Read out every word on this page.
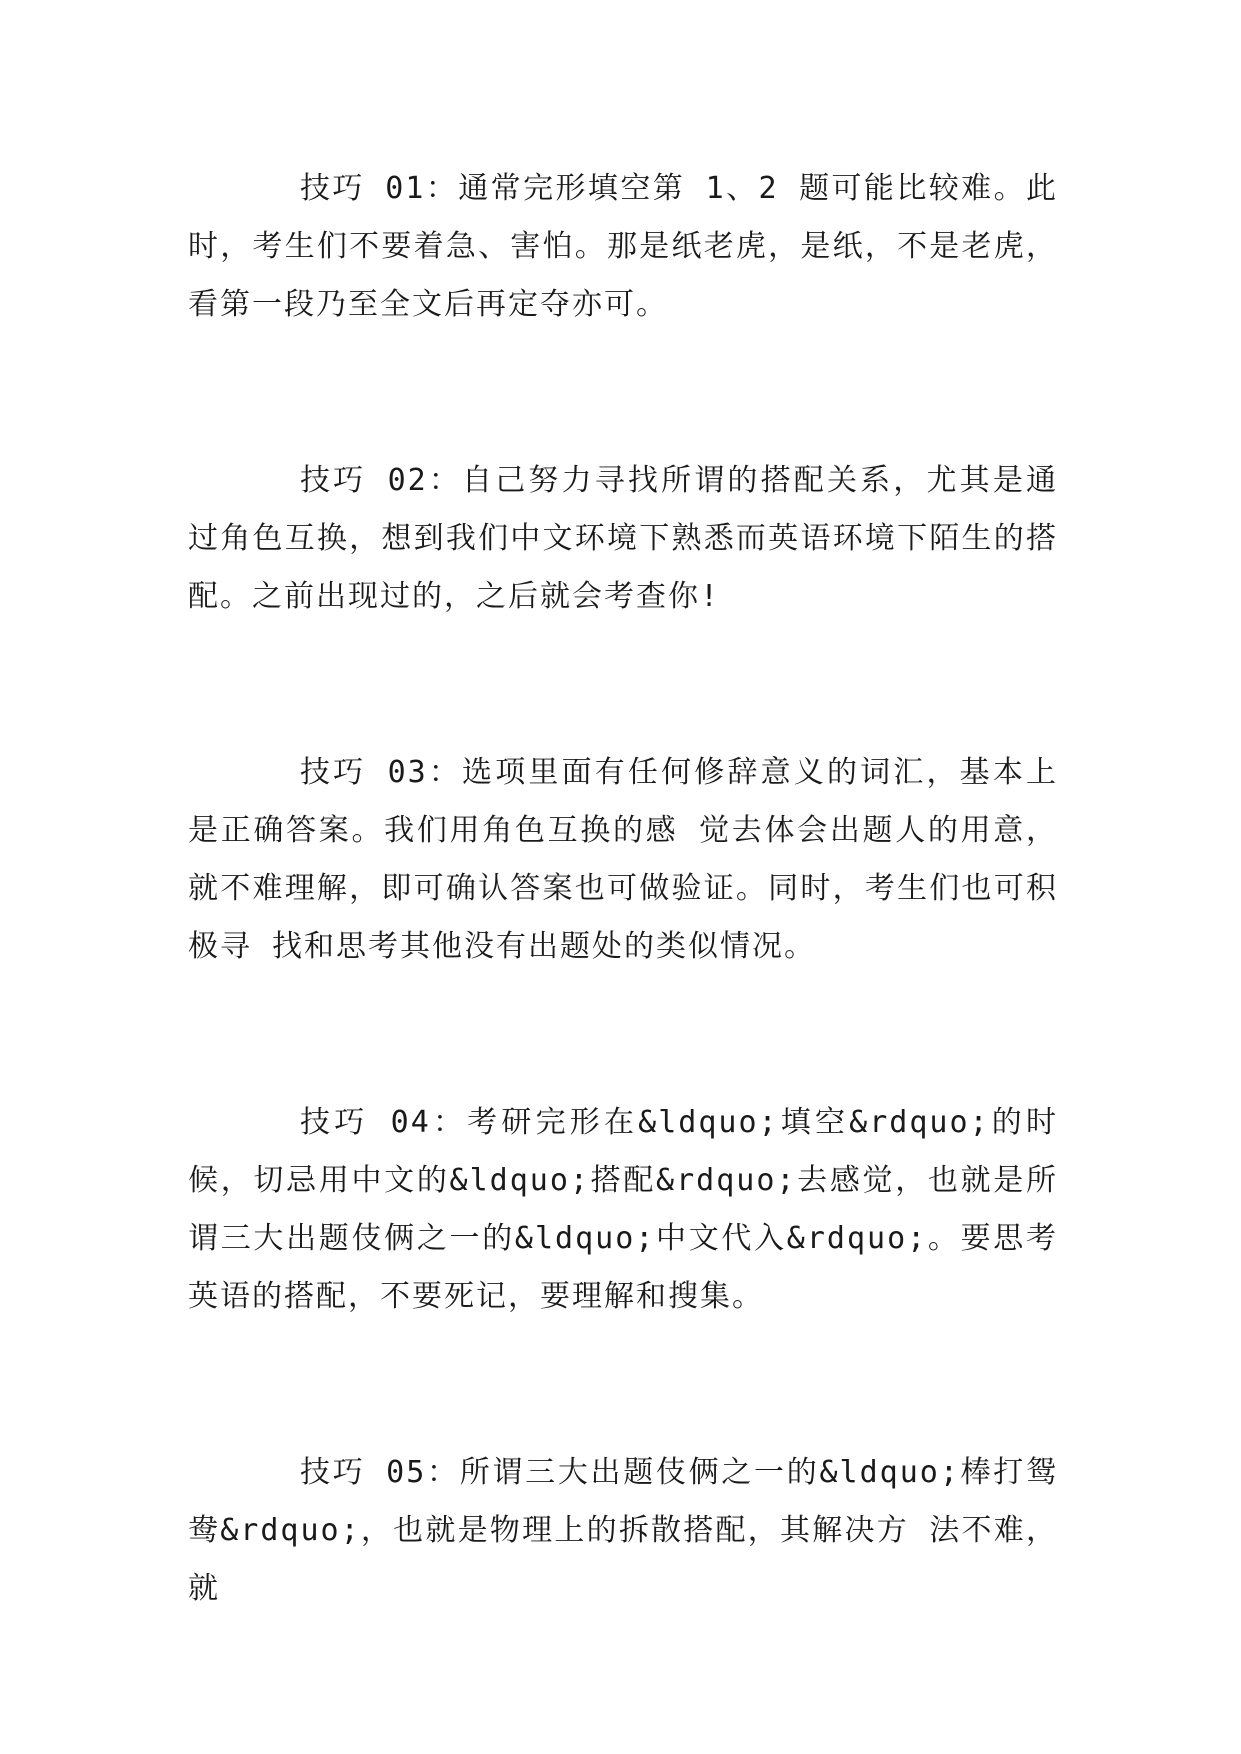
技巧 01：通常完形填空第 1、2 题可能比较难。此时，考生们不要着急、害怕。那是纸老虎，是纸，不是老虎，看第一段乃至全文后再定夺亦可。

技巧 02：自己努力寻找所谓的搭配关系，尤其是通过角色互换，想到我们中文环境下熟悉而英语环境下陌生的搭配。之前出现过的，之后就会考查你!

技巧 03：选项里面有任何修辞意义的词汇，基本上是正确答案。我们用角色互换的感 觉去体会出题人的用意，就不难理解，即可确认答案也可做验证。同时，考生们也可积极寻 找和思考其他没有出题处的类似情况。

技巧 04：考研完形在&ldquo;填空&rdquo;的时候，切忌用中文的&ldquo;搭配&rdquo;去感觉，也就是所谓三大出题伎俩之一的&ldquo;中文代入&rdquo;。要思考英语的搭配，不要死记，要理解和搜集。

技巧 05：所谓三大出题伎俩之一的&ldquo;棒打鸳鸯&rdquo;，也就是物理上的拆散搭配，其解决方 法不难，就
